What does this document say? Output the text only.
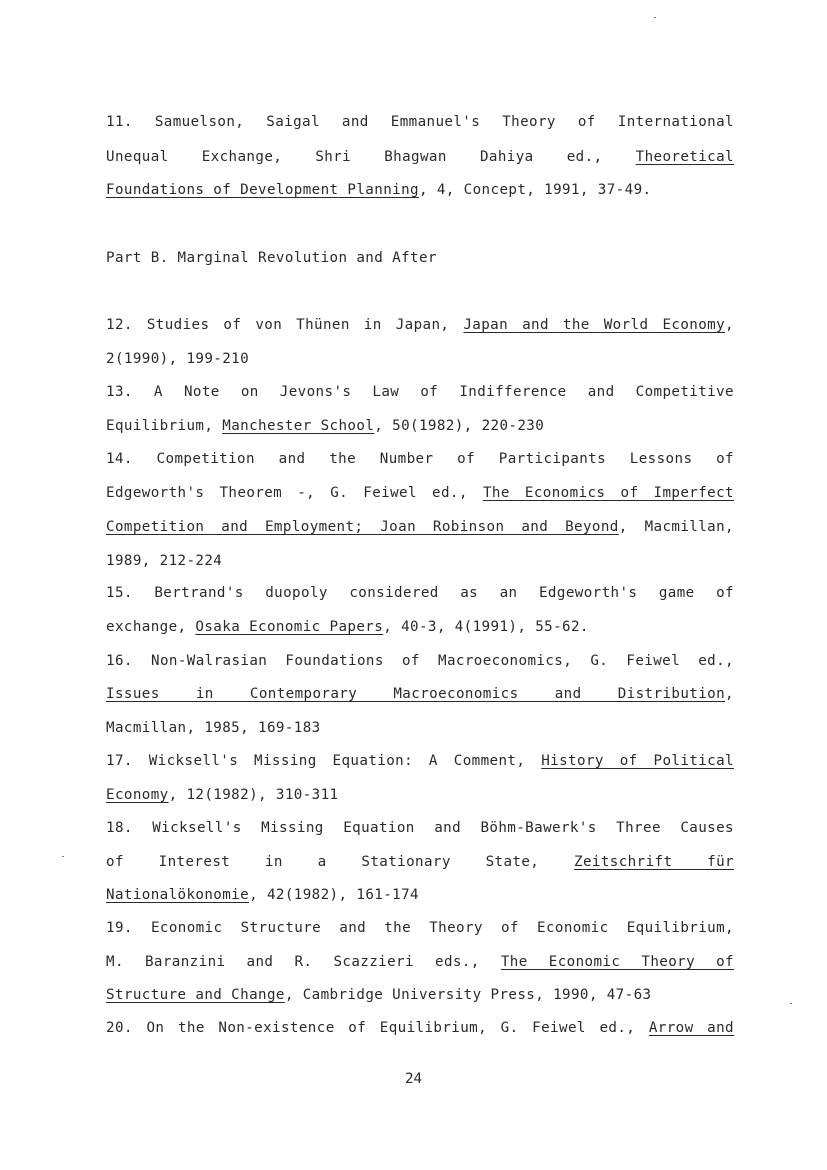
11. Samuelson, Saigal and Emmanuel's Theory of International
Unequal Exchange, Shri Bhagwan Dahiya ed., Theoretical
Foundations of Development Planning, 4, Concept, 1991, 37-49.
Part B. Marginal Revolution and After
12. Studies of von Thünen in Japan, Japan and the World Economy,
2(1990), 199-210
13. A Note on Jevons's Law of Indifference and Competitive
Equilibrium, Manchester School, 50(1982), 220-230
14. Competition and the Number of Participants Lessons of
Edgeworth's Theorem -, G. Feiwel ed., The Economics of Imperfect
Competition and Employment; Joan Robinson and Beyond, Macmillan,
1989, 212-224
15. Bertrand's duopoly considered as an Edgeworth's game of
exchange, Osaka Economic Papers, 40-3, 4(1991), 55-62.
16. Non-Walrasian Foundations of Macroeconomics, G. Feiwel ed.,
Issues in Contemporary Macroeconomics and Distribution,
Macmillan, 1985, 169-183
17. Wicksell's Missing Equation: A Comment, History of Political
Economy, 12(1982), 310-311
18. Wicksell's Missing Equation and Böhm-Bawerk's Three Causes
of Interest in a Stationary State, Zeitschrift für
Nationalökonomie, 42(1982), 161-174
19. Economic Structure and the Theory of Economic Equilibrium,
M. Baranzini and R. Scazzieri eds., The Economic Theory of
Structure and Change, Cambridge University Press, 1990, 47-63
20. On the Non-existence of Equilibrium, G. Feiwel ed., Arrow and
24
